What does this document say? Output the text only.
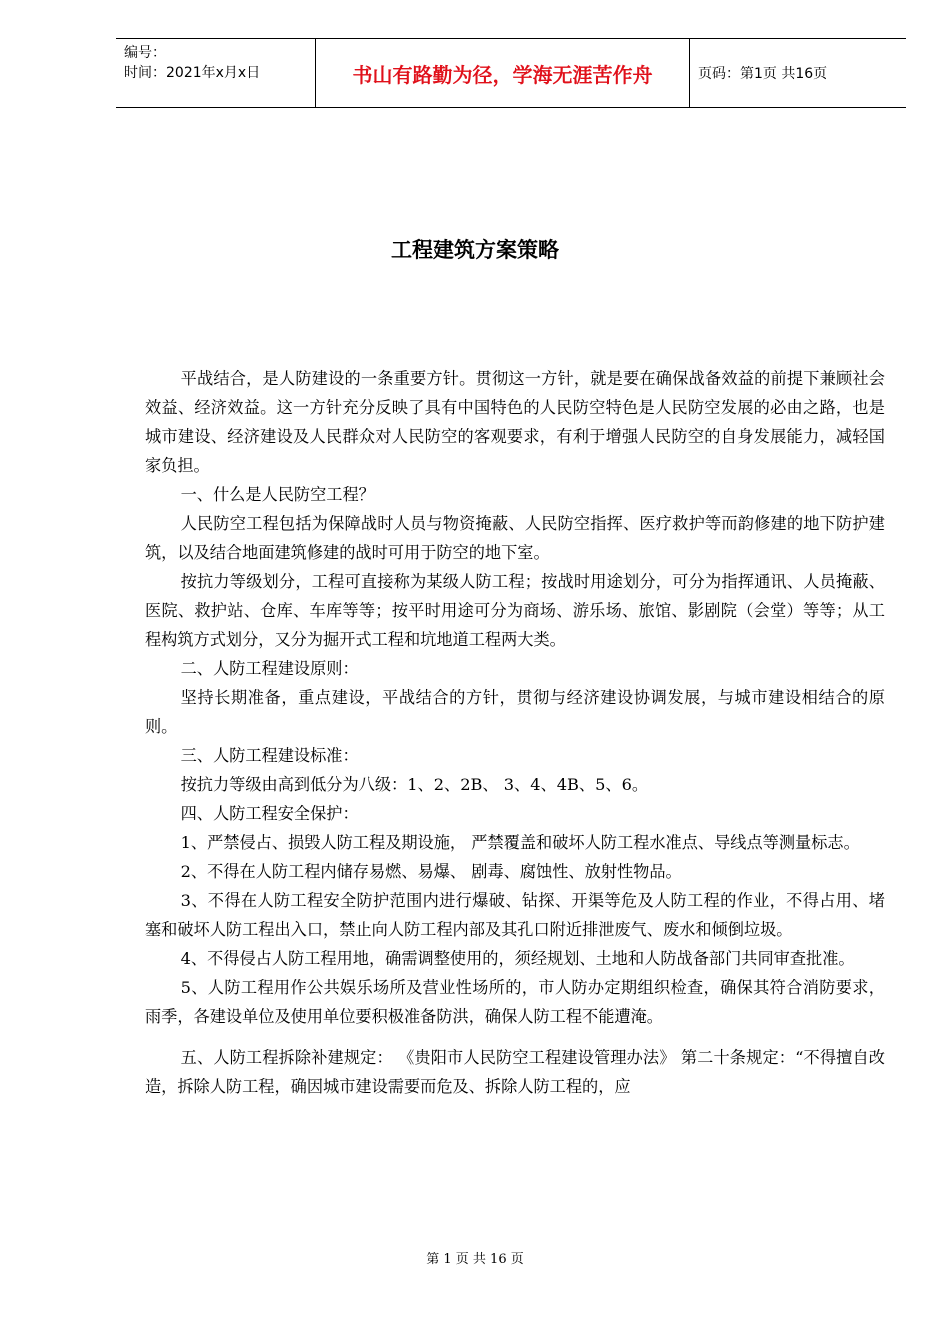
编号：
时间：2021年x月x日	书山有路勤为径，学海无涯苦作舟	页码：第1页 共16页
工程建筑方案策略

平战结合，是人防建设的一条重要方针。贯彻这一方针，就是要在确保战备效益的前提下兼顾社会效益、经济效益。这一方针充分反映了具有中国特色的人民防空特色是人民防空发展的必由之路，也是城市建设、经济建设及人民群众对人民防空的客观要求，有利于增强人民防空的自身发展能力，减轻国家负担。

一、什么是人民防空工程？

人民防空工程包括为保障战时人员与物资掩蔽、人民防空指挥、医疗救护等而韵修建的地下防护建筑，以及结合地面建筑修建的战时可用于防空的地下室。

按抗力等级划分，工程可直接称为某级人防工程；按战时用途划分，可分为指挥通讯、人员掩蔽、医院、救护站、仓库、车库等等；按平时用途可分为商场、游乐场、旅馆、影剧院（会堂）等等；从工程构筑方式划分，又分为掘开式工程和坑地道工程两大类。

二、人防工程建设原则：

坚持长期准备，重点建设，平战结合的方针，贯彻与经济建设协调发展，与城市建设相结合的原则。

三、人防工程建设标准：

按抗力等级由高到低分为八级：1、2、2B、 3、4、4B、5、6。

四、人防工程安全保护：

1、严禁侵占、损毁人防工程及期设施， 严禁覆盖和破坏人防工程水准点、导线点等测量标志。

2、不得在人防工程内储存易燃、易爆、 剧毒、腐蚀性、放射性物品。

3、不得在人防工程安全防护范围内进行爆破、钻探、开渠等危及人防工程的作业，不得占用、堵塞和破坏人防工程出入口，禁止向人防工程内部及其孔口附近排泄废气、废水和倾倒垃圾。

4、不得侵占人防工程用地，确需调整使用的，须经规划、土地和人防战备部门共同审查批准。

5、人防工程用作公共娱乐场所及营业性场所的，市人防办定期组织检查，确保其符合消防要求，雨季，各建设单位及使用单位要积极准备防洪，确保人防工程不能遭淹。

五、人防工程拆除补建规定： 《贵阳市人民防空工程建设管理办法》 第二十条规定：“不得擅自改造，拆除人防工程，确因城市建设需要而危及、拆除人防工程的，应

第 1 页 共 16 页
